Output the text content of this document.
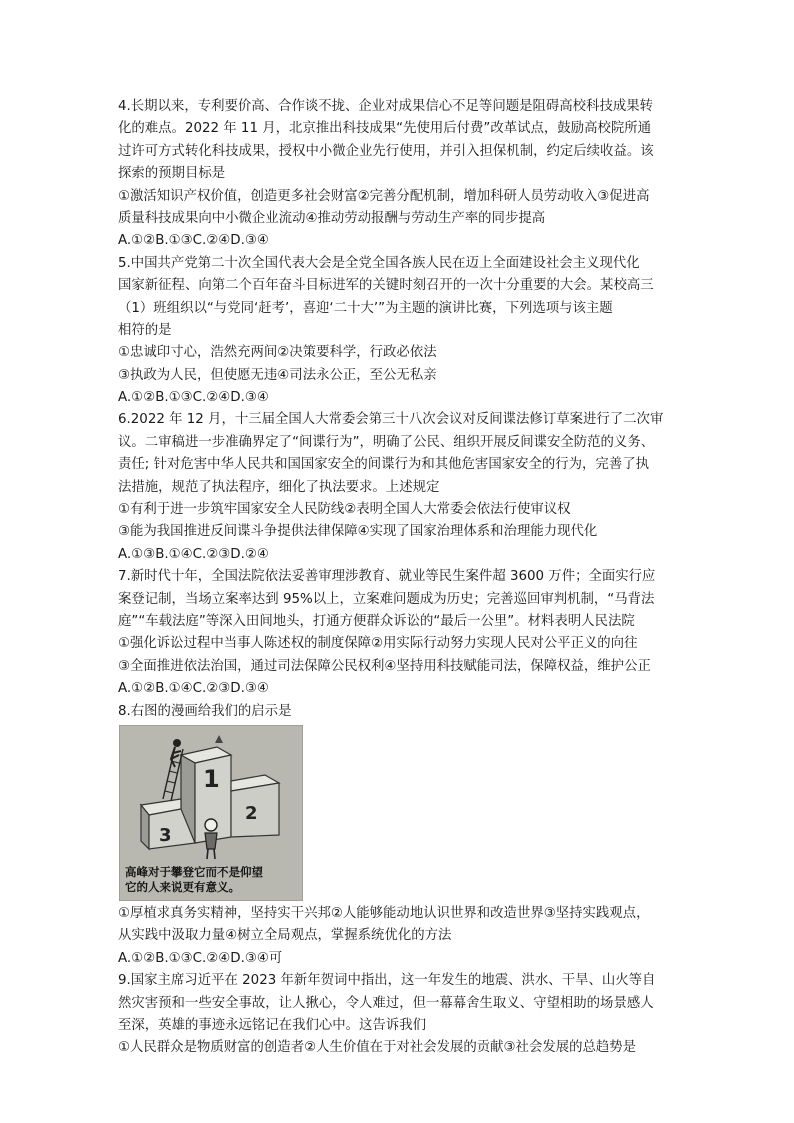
4.长期以来，专利要价高、合作谈不拢、企业对成果信心不足等问题是阻碍高校科技成果转
化的难点。2022 年 11 月，北京推出科技成果“先使用后付费”改革试点，鼓励高校院所通
过许可方式转化科技成果，授权中小微企业先行使用，并引入担保机制，约定后续收益。该
探索的预期目标是
①激活知识产权价值，创造更多社会财富②完善分配机制，增加科研人员劳动收入③促进高
质量科技成果向中小微企业流动④推动劳动报酬与劳动生产率的同步提高
A.①②B.①③C.②④D.③④
5.中国共产党第二十次全国代表大会是全党全国各族人民在迈上全面建设社会主义现代化
国家新征程、向第二个百年奋斗目标进军的关键时刻召开的一次十分重要的大会。某校高三
（1）班组织以“与党同‘赶考’，喜迎‘二十大’”为主题的演讲比赛，下列选项与该主题
相符的是
①忠诚印寸心，浩然充两间②决策要科学，行政必依法
③执政为人民，但使愿无违④司法永公正，至公无私亲
A.①②B.①③C.②④D.③④
6.2022 年 12 月，十三届全国人大常委会第三十八次会议对反间谍法修订草案进行了二次审
议。二审稿进一步准确界定了“间谍行为”，明确了公民、组织开展反间谍安全防范的义务、
责任; 针对危害中华人民共和国国家安全的间谍行为和其他危害国家安全的行为，完善了执
法措施，规范了执法程序，细化了执法要求。上述规定
①有利于进一步筑牢国家安全人民防线②表明全国人大常委会依法行使审议权
③能为我国推进反间谍斗争提供法律保障④实现了国家治理体系和治理能力现代化
A.①③B.①④C.②③D.②④
7.新时代十年，全国法院依法妥善审理涉教育、就业等民生案件超 3600 万件；全面实行应
案登记制，当场立案率达到 95%以上，立案难问题成为历史；完善巡回审判机制，“马背法
庭”“车载法庭”等深入田间地头，打通方便群众诉讼的“最后一公里”。材料表明人民法院
①强化诉讼过程中当事人陈述权的制度保障②用实际行动努力实现人民对公平正义的向往
③全面推进依法治国，通过司法保障公民权利④坚持用科技赋能司法，保障权益，维护公正
A.①②B.①④C.②③D.③④
8.右图的漫画给我们的启示是
1
2
3
高峰对于攀登它而不是仰望
它的人来说更有意义。
①厚植求真务实精神，坚持实干兴邦②人能够能动地认识世界和改造世界③坚持实践观点，
从实践中汲取力量④树立全局观点，掌握系统优化的方法
A.①②B.①③C.②④D.③④可
9.国家主席习近平在 2023 年新年贺词中指出，这一年发生的地震、洪水、干旱、山火等自
然灾害预和一些安全事故，让人揪心，令人难过，但一幕幕舍生取义、守望相助的场景感人
至深，英雄的事迹永远铭记在我们心中。这告诉我们
①人民群众是物质财富的创造者②人生价值在于对社会发展的贡献③社会发展的总趋势是
